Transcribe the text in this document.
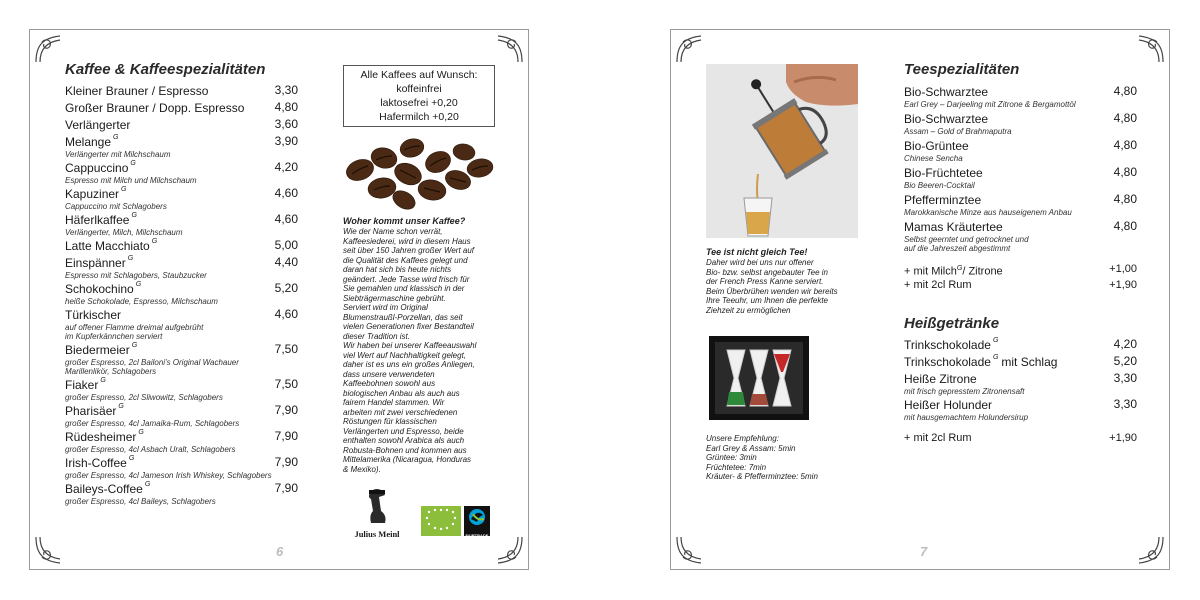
Kaffee & Kaffeespezialitäten
Kleiner Brauner / Espresso	3,30
Großer Brauner / Dopp. Espresso	4,80
Verlängerter	3,60
Melange $^G$	3,90
Verlängerter mit Milchschaum
Cappuccino $^G$	4,20
Espresso mit Milch und Milchschaum
Kapuziner $^G$	4,60
Cappuccino mit Schlagobers
Häferlkaffee $^G$	4,60
Verlängerter, Milch, Milchschaum
Latte Macchiato $^G$	5,00
Einspänner $^G$	4,40
Espresso mit Schlagobers, Staubzucker
Schokochino $^G$	5,20
heiße Schokolade, Espresso, Milchschaum
Türkischer	4,60
auf offener Flamme dreimal aufgebrüht
im Kupferkännchen serviert
Biedermeier $^G$	7,50
großer Espresso, 2cl Bailoni's Original Wachauer
Marillenlikör, Schlagobers
Fiaker $^G$	7,50
großer Espresso, 2cl Sliwowitz, Schlagobers
Pharisäer $^G$	7,90
großer Espresso, 4cl Jamaika-Rum, Schlagobers
Rüdesheimer $^G$	7,90
großer Espresso, 4cl Asbach Uralt, Schlagobers
Irish-Coffee $^G$	7,90
großer Espresso, 4cl Jameson Irish Whiskey, Schlagobers
Baileys-Coffee $^G$	7,90
großer Espresso, 4cl Baileys, Schlagobers
Alle Kaffees auf Wunsch:
koffeinfrei
laktosefrei +0,20
Hafermilch +0,20
Woher kommt unser Kaffee?
Wie der Name schon verrät,
Kaffeesiederei, wird in diesem Haus
seit über 150 Jahren großer Wert auf
die Qualität des Kaffees gelegt und
daran hat sich bis heute nichts
geändert. Jede Tasse wird frisch für
Sie gemahlen und klassisch in der
Siebträgermaschine gebrüht.
Serviert wird im Original
Blumenstraußl-Porzellan, das seit
vielen Generationen fixer Bestandteil
dieser Tradition ist.
Wir haben bei unserer Kaffeeauswahl
viel Wert auf Nachhaltigkeit gelegt,
daher ist es uns ein großes Anliegen,
dass unsere verwendeten
Kaffeebohnen sowohl aus
biologischen Anbau als auch aus
fairem Handel stammen. Wir
arbeiten mit zwei verschiedenen
Röstungen für klassischen
Verlängerten und Espresso, beide
enthalten sowohl Arabica als auch
Robusta-Bohnen und kommen aus
Mittelamerika (Nicaragua, Honduras
& Mexiko).
Julius Meinl	FAIRTRADE
6
Tee ist nicht gleich Tee!
Daher wird bei uns nur offener
Bio- bzw. selbst angebauter Tee in
der French Press Kanne serviert.
Beim Überbrühen wenden wir bereits
Ihre Teeuhr, um Ihnen die perfekte
Ziehzeit zu ermöglichen
Unsere Empfehlung:
Earl Grey & Assam: 5min
Grüntee: 3min
Früchtetee: 7min
Kräuter- & Pfefferminztee: 5min
Teespezialitäten
Bio-Schwarztee	4,80
Earl Grey – Darjeeling mit Zitrone & Bergamottöl
Bio-Schwarztee	4,80
Assam – Gold of Brahmaputra
Bio-Grüntee	4,80
Chinese Sencha
Bio-Früchtetee	4,80
Bio Beeren-Cocktail
Pfefferminztee	4,80
Marokkanische Minze aus hauseigenem Anbau
Mamas Kräutertee	4,80
Selbst geerntet und getrocknet und
auf die Jahreszeit abgestimmt
+ mit Milch$^G$/ Zitrone	+1,00
+ mit 2cl Rum	+1,90
Heißgetränke
Trinkschokolade $^G$	4,20
Trinkschokolade $^G$ mit Schlag	5,20
Heiße Zitrone	3,30
mit frisch gepresstem Zitronensaft
Heißer Holunder	3,30
mit hausgemachtem Holundersirup
+ mit 2cl Rum	+1,90
7
